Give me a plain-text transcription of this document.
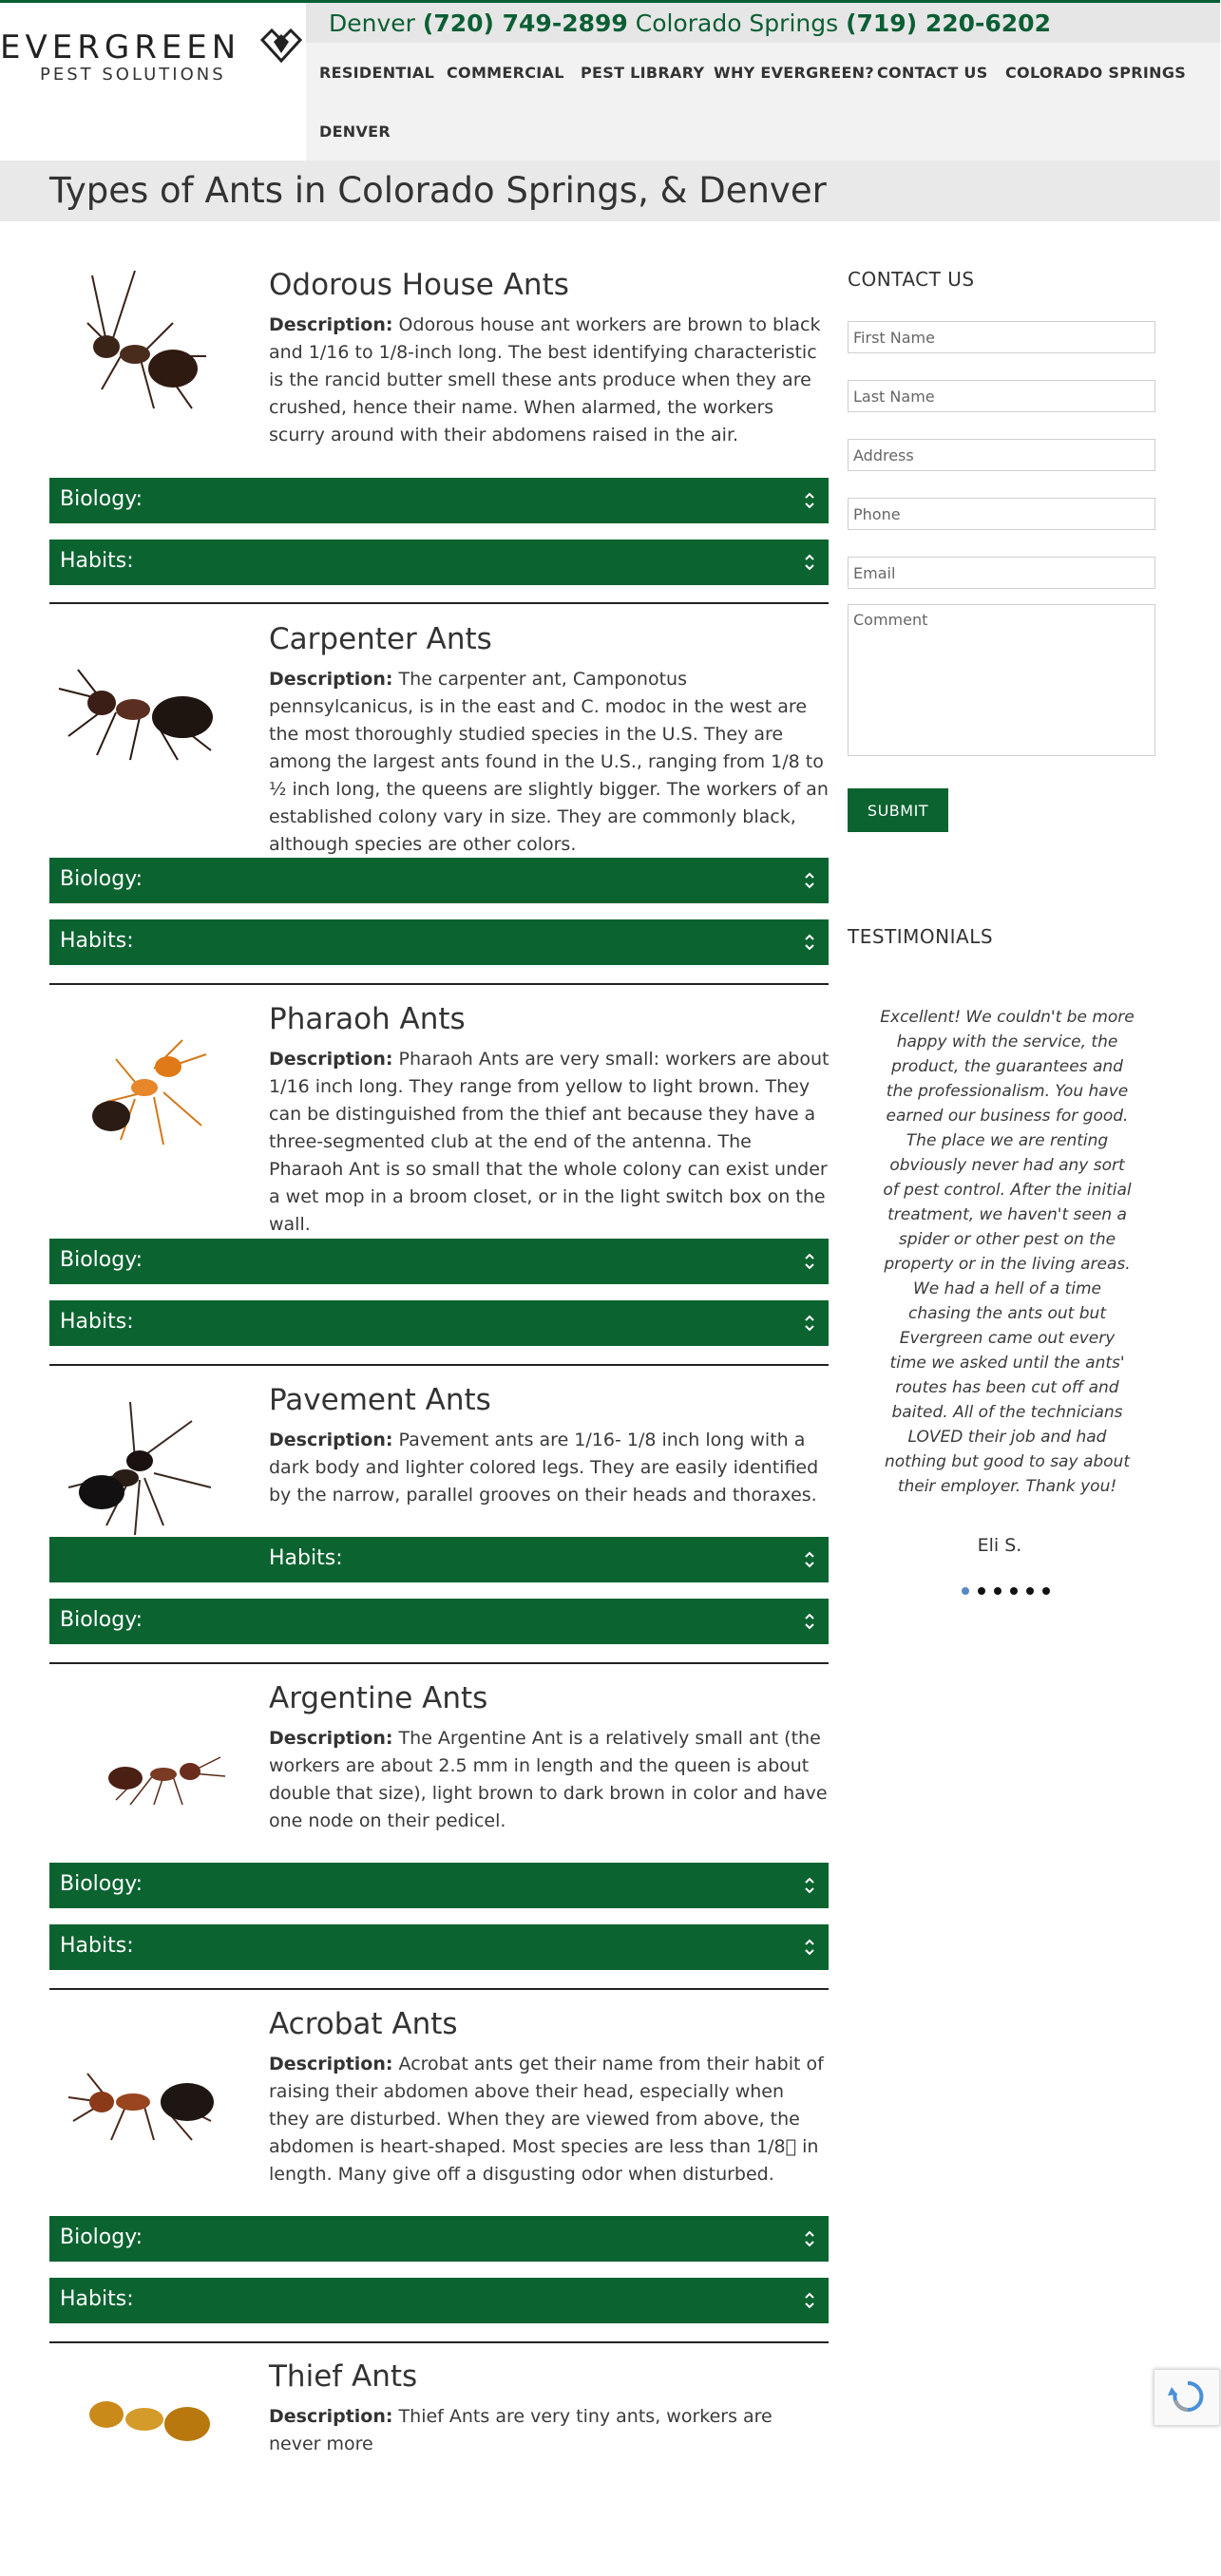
EVERGREEN
PEST SOLUTIONS
Denver (720) 749-2899 Colorado Springs (719) 220-6202
RESIDENTIAL COMMERCIAL PEST LIBRARY WHY EVERGREEN? CONTACT US COLORADO SPRINGS
DENVER
Types of Ants in Colorado Springs, & Denver
Odorous House Ants

Description: Odorous house ant workers are brown to black and 1/16 to 1/8-inch long. The best identifying characteristic is the rancid butter smell these ants produce when they are crushed, hence their name. When alarmed, the workers scurry around with their abdomens raised in the air.

Biology:
Habits:
Carpenter Ants

Description: The carpenter ant, Camponotus pennsylcanicus, is in the east and C. modoc in the west are the most thoroughly studied species in the U.S. They are among the largest ants found in the U.S., ranging from 1/8 to ½ inch long, the queens are slightly bigger. The workers of an established colony vary in size. They are commonly black, although species are other colors.

Biology:
Habits:
Pharaoh Ants

Description: Pharaoh Ants are very small: workers are about 1/16 inch long. They range from yellow to light brown. They can be distinguished from the thief ant because they have a three-segmented club at the end of the antenna. The Pharaoh Ant is so small that the whole colony can exist under a wet mop in a broom closet, or in the light switch box on the wall.

Biology:
Habits:
Pavement Ants

Description: Pavement ants are 1/16- 1/8 inch long with a dark body and lighter colored legs. They are easily identified by the narrow, parallel grooves on their heads and thoraxes.

Habits:
Biology:
Argentine Ants

Description: The Argentine Ant is a relatively small ant (the workers are about 2.5 mm in length and the queen is about double that size), light brown to dark brown in color and have one node on their pedicel.

Biology:
Habits:
Acrobat Ants

Description: Acrobat ants get their name from their habit of raising their abdomen above their head, especially when they are disturbed. When they are viewed from above, the abdomen is heart-shaped. Most species are less than 1/8  in length. Many give off a disgusting odor when disturbed.

Biology:
Habits:
Thief Ants

Description: Thief Ants are very tiny ants, workers are never more

CONTACT US
First Name
Last Name
Address
Phone
Email
Comment
SUBMIT
TESTIMONIALS
Excellent! We couldn't be more happy with the service, the product, the guarantees and the professionalism. You have earned our business for good. The place we are renting obviously never had any sort of pest control. After the initial treatment, we haven't seen a spider or other pest on the property or in the living areas. We had a hell of a time chasing the ants out but Evergreen came out every time we asked until the ants' routes has been cut off and baited. All of the technicians LOVED their job and had nothing but good to say about their employer. Thank you!
Eli S.
